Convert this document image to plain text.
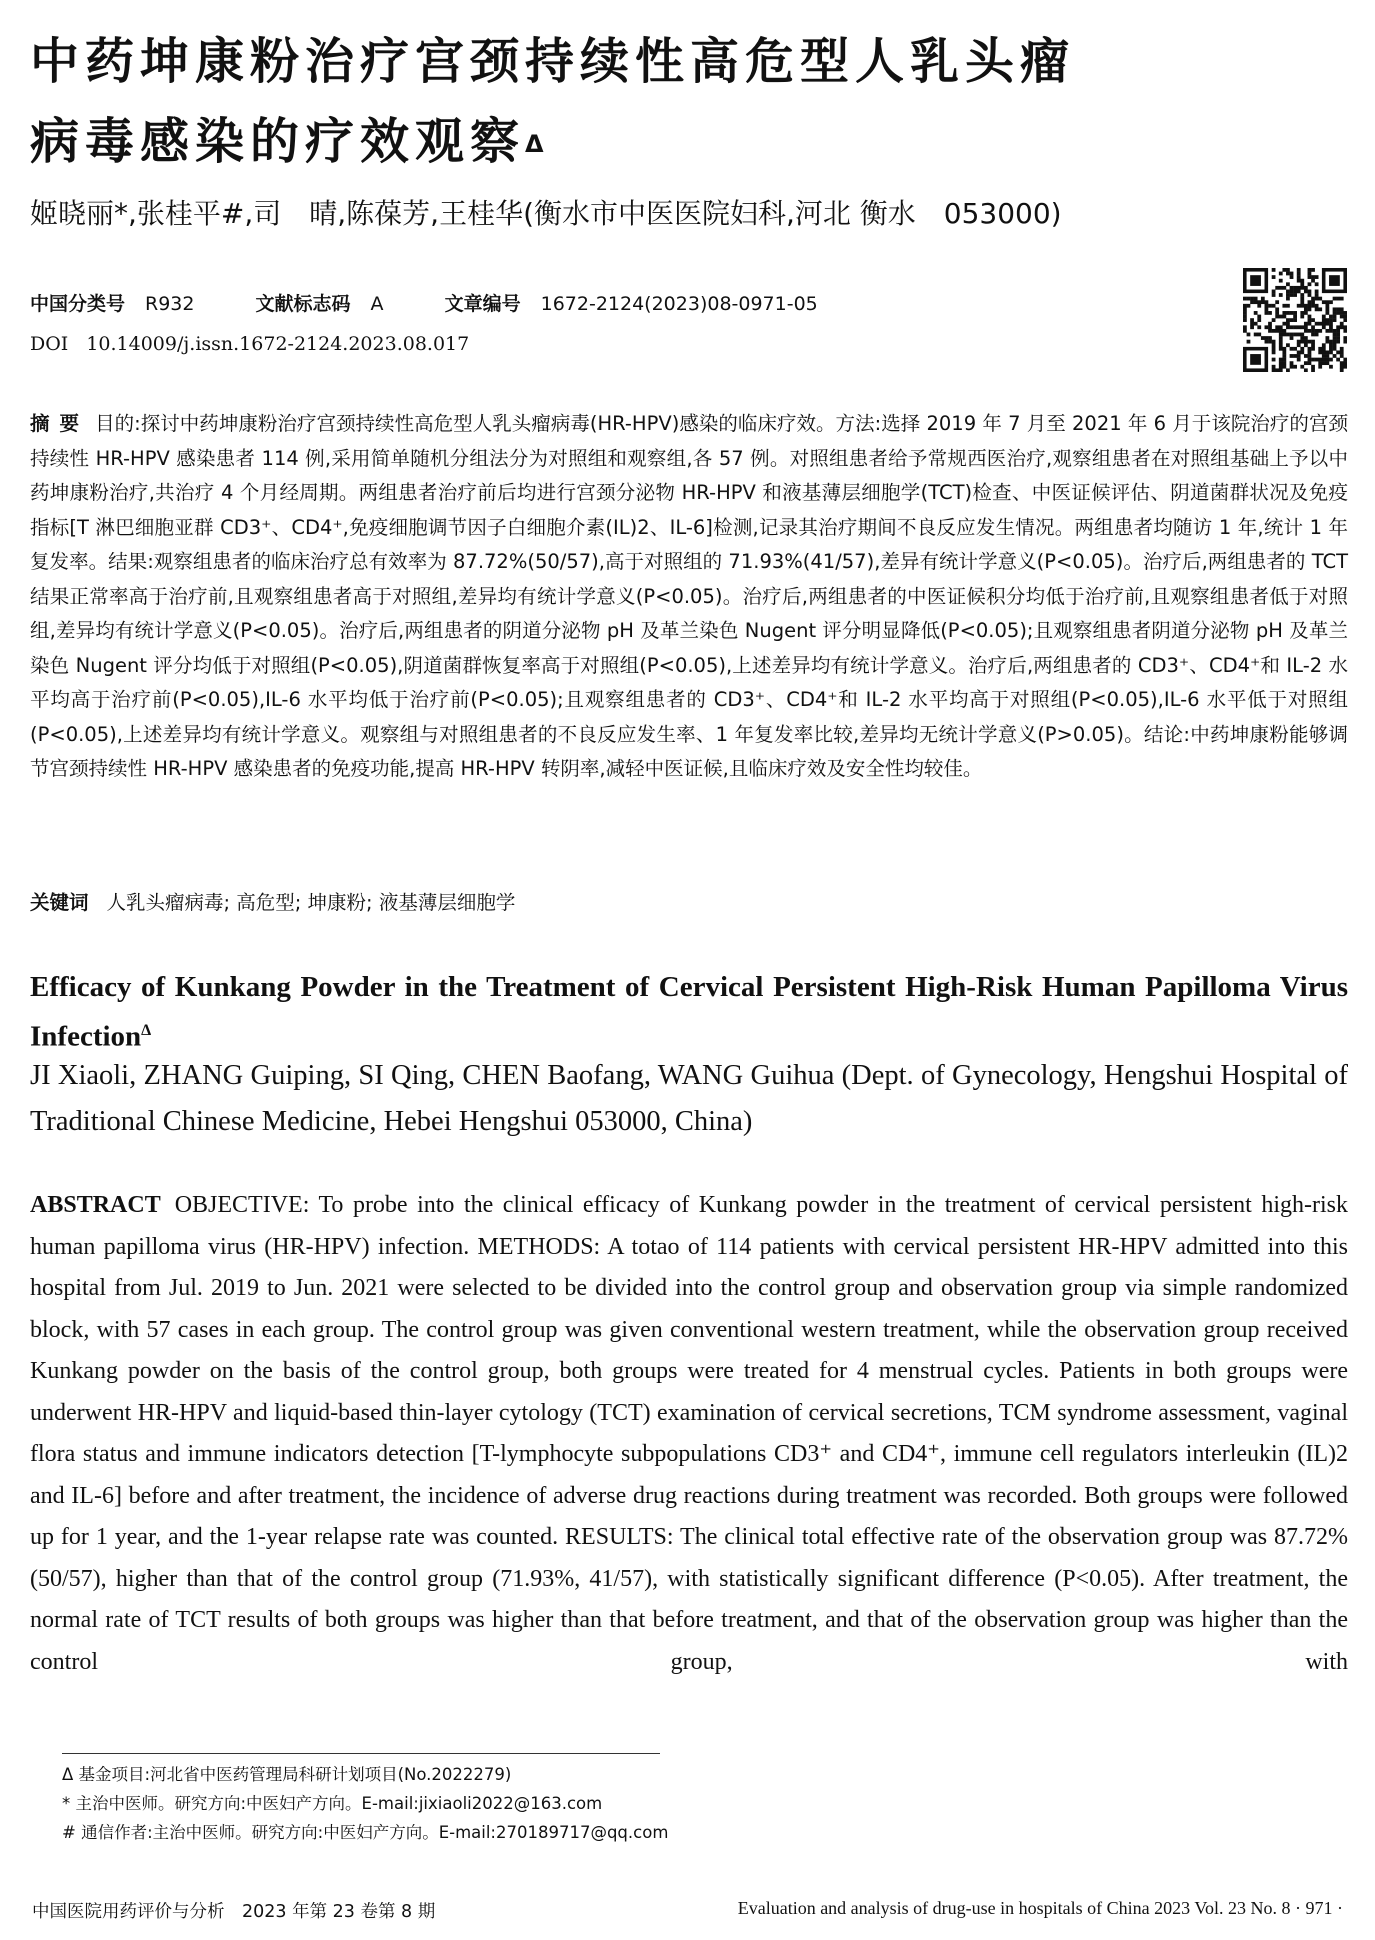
中药坤康粉治疗宫颈持续性高危型人乳头瘤
病毒感染的疗效观察$^\Delta$
姬晓丽*,张桂平#,司　晴,陈葆芳,王桂华(衡水市中医医院妇科,河北 衡水　053000)
中国分类号 R932	文献标志码 A	文章编号 1672-2124(2023)08-0971-05
DOI 10.14009/j.issn.1672-2124.2023.08.017
摘要 目的:探讨中药坤康粉治疗宫颈持续性高危型人乳头瘤病毒(HR-HPV)感染的临床疗效。方法:选择 2019 年 7 月至 2021 年 6 月于该院治疗的宫颈持续性 HR-HPV 感染患者 114 例,采用简单随机分组法分为对照组和观察组,各 57 例。对照组患者给予常规西医治疗,观察组患者在对照组基础上予以中药坤康粉治疗,共治疗 4 个月经周期。两组患者治疗前后均进行宫颈分泌物 HR-HPV 和液基薄层细胞学(TCT)检查、中医证候评估、阴道菌群状况及免疫指标[T 淋巴细胞亚群 CD3⁺、CD4⁺,免疫细胞调节因子白细胞介素(IL)2、IL-6]检测,记录其治疗期间不良反应发生情况。两组患者均随访 1 年,统计 1 年复发率。结果:观察组患者的临床治疗总有效率为 87.72%(50/57),高于对照组的 71.93%(41/57),差异有统计学意义(P<0.05)。治疗后,两组患者的 TCT 结果正常率高于治疗前,且观察组患者高于对照组,差异均有统计学意义(P<0.05)。治疗后,两组患者的中医证候积分均低于治疗前,且观察组患者低于对照组,差异均有统计学意义(P<0.05)。治疗后,两组患者的阴道分泌物 pH 及革兰染色 Nugent 评分明显降低(P<0.05);且观察组患者阴道分泌物 pH 及革兰染色 Nugent 评分均低于对照组(P<0.05),阴道菌群恢复率高于对照组(P<0.05),上述差异均有统计学意义。治疗后,两组患者的 CD3⁺、CD4⁺和 IL-2 水平均高于治疗前(P<0.05),IL-6 水平均低于治疗前(P<0.05);且观察组患者的 CD3⁺、CD4⁺和 IL-2 水平均高于对照组(P<0.05),IL-6 水平低于对照组(P<0.05),上述差异均有统计学意义。观察组与对照组患者的不良反应发生率、1 年复发率比较,差异均无统计学意义(P>0.05)。结论:中药坤康粉能够调节宫颈持续性 HR-HPV 感染患者的免疫功能,提高 HR-HPV 转阴率,减轻中医证候,且临床疗效及安全性均较佳。
关键词 人乳头瘤病毒; 高危型; 坤康粉; 液基薄层细胞学
Efficacy of Kunkang Powder in the Treatment of Cervical Persistent High-Risk Human Papilloma Virus Infection$^\Delta$
JI Xiaoli, ZHANG Guiping, SI Qing, CHEN Baofang, WANG Guihua (Dept. of Gynecology, Hengshui Hospital of Traditional Chinese Medicine, Hebei Hengshui 053000, China)
ABSTRACT OBJECTIVE: To probe into the clinical efficacy of Kunkang powder in the treatment of cervical persistent high-risk human papilloma virus (HR-HPV) infection. METHODS: A totao of 114 patients with cervical persistent HR-HPV admitted into this hospital from Jul. 2019 to Jun. 2021 were selected to be divided into the control group and observation group via simple randomized block, with 57 cases in each group. The control group was given conventional western treatment, while the observation group received Kunkang powder on the basis of the control group, both groups were treated for 4 menstrual cycles. Patients in both groups were underwent HR-HPV and liquid-based thin-layer cytology (TCT) examination of cervical secretions, TCM syndrome assessment, vaginal flora status and immune indicators detection [T-lymphocyte subpopulations CD3⁺ and CD4⁺, immune cell regulators interleukin (IL)2 and IL-6] before and after treatment, the incidence of adverse drug reactions during treatment was recorded. Both groups were followed up for 1 year, and the 1-year relapse rate was counted. RESULTS: The clinical total effective rate of the observation group was 87.72% (50/57), higher than that of the control group (71.93%, 41/57), with statistically significant difference (P<0.05). After treatment, the normal rate of TCT results of both groups was higher than that before treatment, and that of the observation group was higher than the control group, with
Δ 基金项目:河北省中医药管理局科研计划项目(No.2022279)
* 主治中医师。研究方向:中医妇产方向。E-mail:jixiaoli2022@163.com
# 通信作者:主治中医师。研究方向:中医妇产方向。E-mail:270189717@qq.com
中国医院用药评价与分析　2023 年第 23 卷第 8 期	Evaluation and analysis of drug-use in hospitals of China 2023 Vol. 23 No. 8 · 971 ·
